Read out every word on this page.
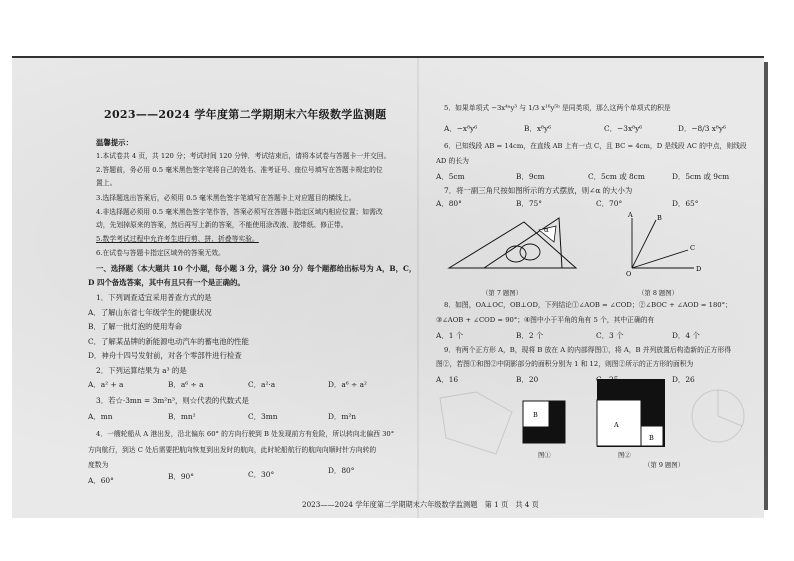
2023——2024 学年度第二学期期末六年级数学监测题
温馨提示：
1.本试卷共 4 页，共 120 分；考试时间 120 分钟．考试结束后，请将本试卷与答题卡一并交回。
2.答题前，务必用 0.5 毫米黑色签字笔将自己的姓名、准考证号、座位号填写在答题卡规定的位
置上。
3.选择题选出答案后，必须用 0.5 毫米黑色签字笔填写在答题卡上对应题目的横线上。
4.非选择题必须用 0.5 毫米黑色签字笔作答，答案必须写在答题卡指定区域内相应位置；如需改
动，先划掉原来的答案，然后再写上新的答案，不能使用涂改液、胶带纸、修正带。
5.数学考试过程中允许考生进行剪、拼、折叠等实验。
6.在试卷与答题卡指定区域外的答案无效。
一、选择题（本大题共 10 个小题，每小题 3 分，满分 30 分）每个题都给出标号为 A，B，C，
D 四个备选答案，其中有且只有一个是正确的。
1．下列调查适宜采用普查方式的是
A．了解山东省七年级学生的健康状况
B．了解一批灯泡的使用寿命
C．了解某品牌的新能源电动汽车的蓄电池的性能
D．神舟十四号发射前，对各个零部件进行检查
2．下列运算结果为 a³ 的是
A．a² + a	B．a⁶ ÷ a	C．a²·a	D．a⁶ ÷ a²
3．若☆·3mn = 3m²n³，则☆代表的代数式是
A．mn	B．mn²	C．3mn	D．m²n
4．一艘轮船从 A 港出发，沿北偏东 60° 的方向行驶到 B 处发现前方有危险，所以转向北偏西 30°
方向航行，到达 C 处后需要把航向恢复到出发时的航向，此时轮船航行的航向向顺时针方向转的
度数为
A．60°	B．90°	C．30°	D．80°
5．如果单项式 −3x⁴ᵃy³ 与 1/3 x¹⁶y⁵ᵇ 是同类项，那么这两个单项式的积是
A．−x⁸y⁶	B．x⁸y⁶	C．−3x⁸y⁶	D．−8/3 x⁸y⁶
6．已知线段 AB = 14cm，在直线 AB 上有一点 C，且 BC = 4cm，D 是线段 AC 的中点，则线段
AD 的长为
A．5cm	B．9cm	C．5cm 或 8cm	D．5cm 或 9cm
7．将一副三角尺按如图所示的方式摆放，则∠α 的大小为
A．80°	B．75°	C．70°	D．65°
α
（第 7 题图）
A	B
C
D
O
（第 8 题图）
8．如图，OA⊥OC，OB⊥OD，下列结论①∠AOB = ∠COD；②∠BOC + ∠AOD = 180°；
③∠AOB + ∠COD = 90°；④图中小于平角的角有 5 个，其中正确的有
A．1 个	B．2 个	C．3 个	D．4 个
9．有两个正方形 A，B，现将 B 放在 A 的内部得图①，将 A，B 并列放置后构造新的正方形得
图②，若图①和图②中阴影部分的面积分别为 1 和 12，则图②所示的正方形的面积为
A．16	B．20	D．26
B
图①
A
B
图②
（第 9 题图）
2023——2024 学年度第二学期期末六年级数学监测题　第 1 页　共 4 页
